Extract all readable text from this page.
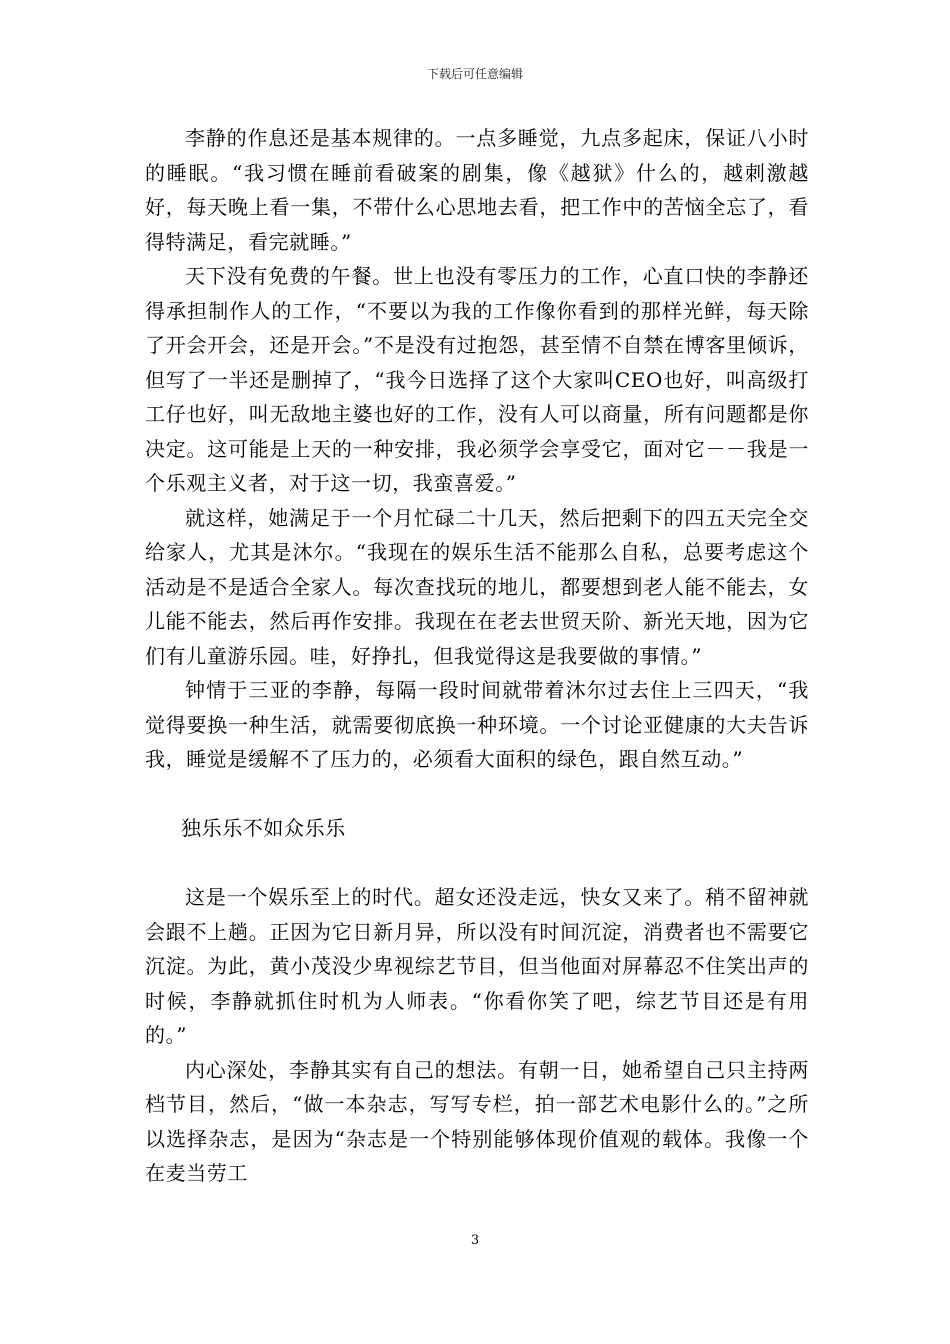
下载后可任意编辑

李静的作息还是基本规律的。一点多睡觉，九点多起床，保证八小时的睡眠。“我习惯在睡前看破案的剧集，像《越狱》什么的，越刺激越好，每天晚上看一集，不带什么心思地去看，把工作中的苦恼全忘了，看得特满足，看完就睡。”

天下没有免费的午餐。世上也没有零压力的工作，心直口快的李静还得承担制作人的工作，“不要以为我的工作像你看到的那样光鲜，每天除了开会开会，还是开会。”不是没有过抱怨，甚至情不自禁在博客里倾诉，但写了一半还是删掉了，“我今日选择了这个大家叫CEO也好，叫高级打工仔也好，叫无敌地主婆也好的工作，没有人可以商量，所有问题都是你决定。这可能是上天的一种安排，我必须学会享受它，面对它－－我是一个乐观主义者，对于这一切，我蛮喜爱。”

就这样，她满足于一个月忙碌二十几天，然后把剩下的四五天完全交给家人，尤其是沐尔。“我现在的娱乐生活不能那么自私，总要考虑这个活动是不是适合全家人。每次查找玩的地儿，都要想到老人能不能去，女儿能不能去，然后再作安排。我现在在老去世贸天阶、新光天地，因为它们有儿童游乐园。哇，好挣扎，但我觉得这是我要做的事情。”

钟情于三亚的李静，每隔一段时间就带着沐尔过去住上三四天，“我觉得要换一种生活，就需要彻底换一种环境。一个讨论亚健康的大夫告诉我，睡觉是缓解不了压力的，必须看大面积的绿色，跟自然互动。”

独乐乐不如众乐乐

这是一个娱乐至上的时代。超女还没走远，快女又来了。稍不留神就会跟不上趟。正因为它日新月异，所以没有时间沉淀，消费者也不需要它沉淀。为此，黄小茂没少卑视综艺节目，但当他面对屏幕忍不住笑出声的时候，李静就抓住时机为人师表。“你看你笑了吧，综艺节目还是有用的。”

内心深处，李静其实有自己的想法。有朝一日，她希望自己只主持两档节目，然后，“做一本杂志，写写专栏，拍一部艺术电影什么的。”之所以选择杂志，是因为“杂志是一个特别能够体现价值观的载体。我像一个在麦当劳工

3
